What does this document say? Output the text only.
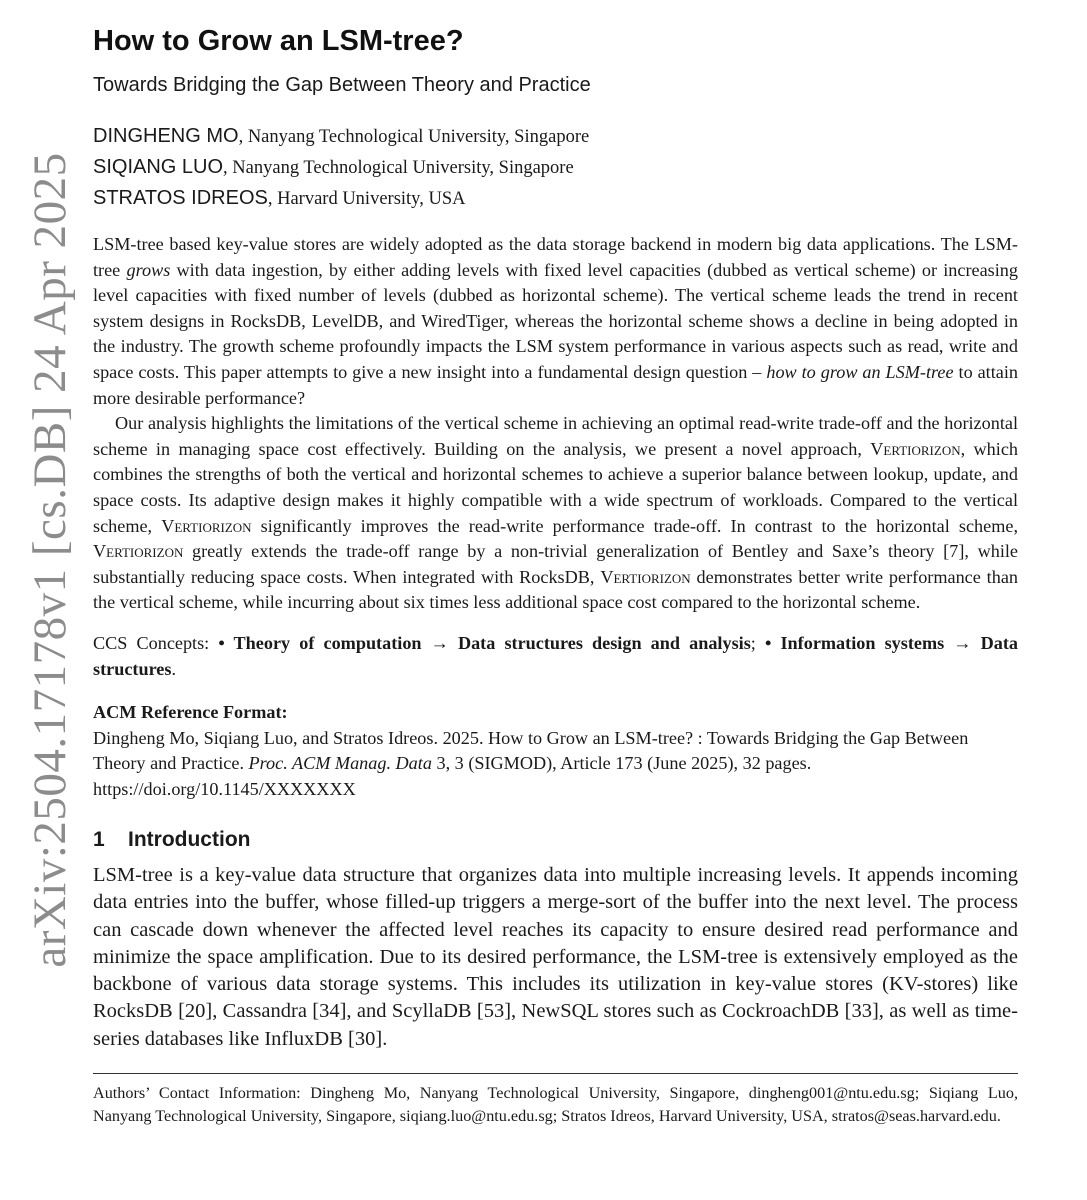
arXiv:2504.17178v1 [cs.DB] 24 Apr 2025
How to Grow an LSM-tree?
Towards Bridging the Gap Between Theory and Practice
DINGHENG MO, Nanyang Technological University, Singapore
SIQIANG LUO, Nanyang Technological University, Singapore
STRATOS IDREOS, Harvard University, USA

LSM-tree based key-value stores are widely adopted as the data storage backend in modern big data applications. The LSM-tree grows with data ingestion, by either adding levels with fixed level capacities (dubbed as vertical scheme) or increasing level capacities with fixed number of levels (dubbed as horizontal scheme). The vertical scheme leads the trend in recent system designs in RocksDB, LevelDB, and WiredTiger, whereas the horizontal scheme shows a decline in being adopted in the industry. The growth scheme profoundly impacts the LSM system performance in various aspects such as read, write and space costs. This paper attempts to give a new insight into a fundamental design question – how to grow an LSM-tree to attain more desirable performance?

Our analysis highlights the limitations of the vertical scheme in achieving an optimal read-write trade-off and the horizontal scheme in managing space cost effectively. Building on the analysis, we present a novel approach, Vertiorizon, which combines the strengths of both the vertical and horizontal schemes to achieve a superior balance between lookup, update, and space costs. Its adaptive design makes it highly compatible with a wide spectrum of workloads. Compared to the vertical scheme, Vertiorizon significantly improves the read-write performance trade-off. In contrast to the horizontal scheme, Vertiorizon greatly extends the trade-off range by a non-trivial generalization of Bentley and Saxe’s theory [7], while substantially reducing space costs. When integrated with RocksDB, Vertiorizon demonstrates better write performance than the vertical scheme, while incurring about six times less additional space cost compared to the horizontal scheme.

CCS Concepts: • Theory of computation → Data structures design and analysis; • Information systems → Data structures.
ACM Reference Format:
Dingheng Mo, Siqiang Luo, and Stratos Idreos. 2025. How to Grow an LSM-tree? : Towards Bridging the Gap Between Theory and Practice. Proc. ACM Manag. Data 3, 3 (SIGMOD), Article 173 (June 2025), 32 pages.
https://doi.org/10.1145/XXXXXXX
1 Introduction

LSM-tree is a key-value data structure that organizes data into multiple increasing levels. It appends incoming data entries into the buffer, whose filled-up triggers a merge-sort of the buffer into the next level. The process can cascade down whenever the affected level reaches its capacity to ensure desired read performance and minimize the space amplification. Due to its desired performance, the LSM-tree is extensively employed as the backbone of various data storage systems. This includes its utilization in key-value stores (KV-stores) like RocksDB [20], Cassandra [34], and ScyllaDB [53], NewSQL stores such as CockroachDB [33], as well as time-series databases like InfluxDB [30].

Authors’ Contact Information: Dingheng Mo, Nanyang Technological University, Singapore, dingheng001@ntu.edu.sg; Siqiang Luo, Nanyang Technological University, Singapore, siqiang.luo@ntu.edu.sg; Stratos Idreos, Harvard University, USA, stratos@seas.harvard.edu.
